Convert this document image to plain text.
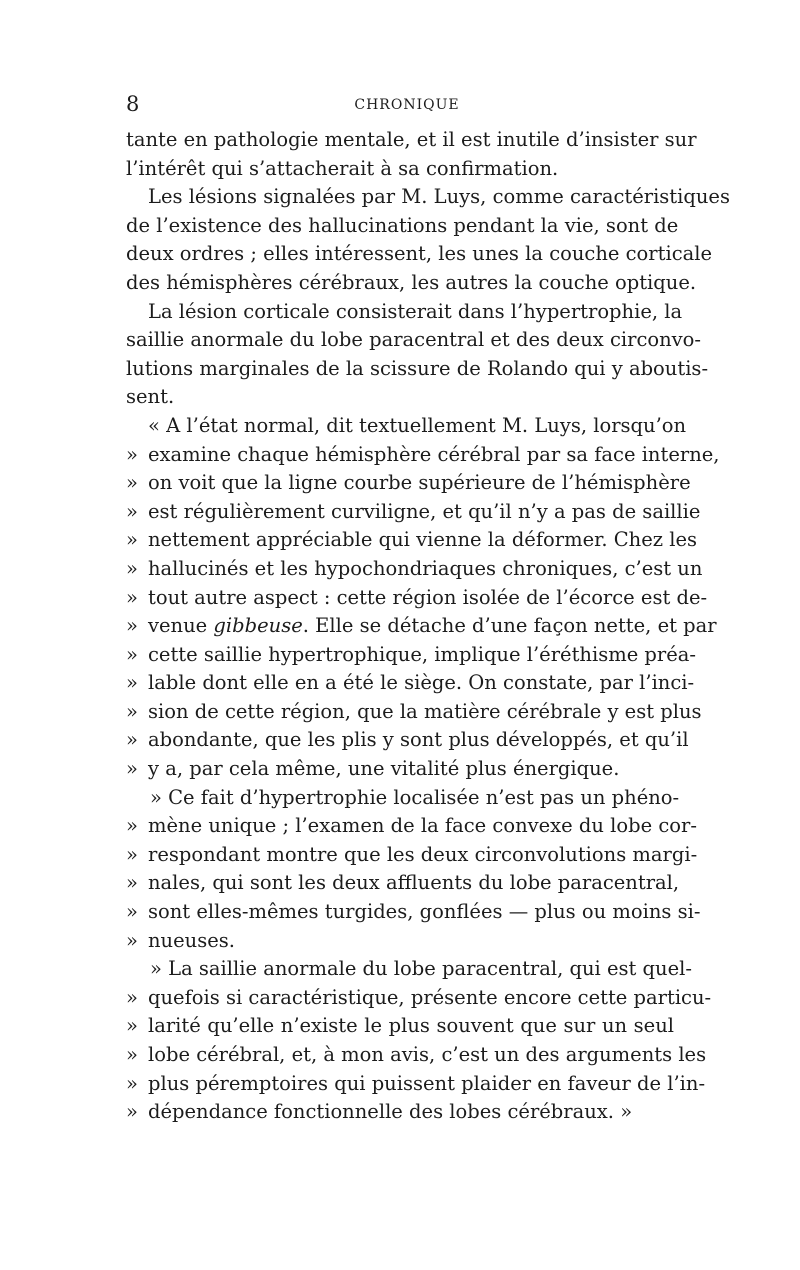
8	CHRONIQUE
tante en pathologie mentale, et il est inutile d’insister sur
l’intérêt qui s’attacherait à sa confirmation.
Les lésions signalées par M. Luys, comme caractéristiques
de l’existence des hallucinations pendant la vie, sont de
deux ordres ; elles intéressent, les unes la couche corticale
des hémisphères cérébraux, les autres la couche optique.
La lésion corticale consisterait dans l’hypertrophie, la
saillie anormale du lobe paracentral et des deux circonvo-
lutions marginales de la scissure de Rolando qui y aboutis-
sent.
« A l’état normal, dit textuellement M. Luys, lorsqu’on
» examine chaque hémisphère cérébral par sa face interne,
» on voit que la ligne courbe supérieure de l’hémisphère
» est régulièrement curviligne, et qu’il n’y a pas de saillie
» nettement appréciable qui vienne la déformer. Chez les
» hallucinés et les hypochondriaques chroniques, c’est un
» tout autre aspect : cette région isolée de l’écorce est de-
» venue gibbeuse. Elle se détache d’une façon nette, et par
» cette saillie hypertrophique, implique l’éréthisme préa-
» lable dont elle en a été le siège. On constate, par l’inci-
» sion de cette région, que la matière cérébrale y est plus
» abondante, que les plis y sont plus développés, et qu’il
» y a, par cela même, une vitalité plus énergique.
» Ce fait d’hypertrophie localisée n’est pas un phéno-
» mène unique ; l’examen de la face convexe du lobe cor-
» respondant montre que les deux circonvolutions margi-
» nales, qui sont les deux affluents du lobe paracentral,
» sont elles-mêmes turgides, gonflées — plus ou moins si-
» nueuses.
» La saillie anormale du lobe paracentral, qui est quel-
» quefois si caractéristique, présente encore cette particu-
» larité qu’elle n’existe le plus souvent que sur un seul
» lobe cérébral, et, à mon avis, c’est un des arguments les
» plus péremptoires qui puissent plaider en faveur de l’in-
» dépendance fonctionnelle des lobes cérébraux. »
